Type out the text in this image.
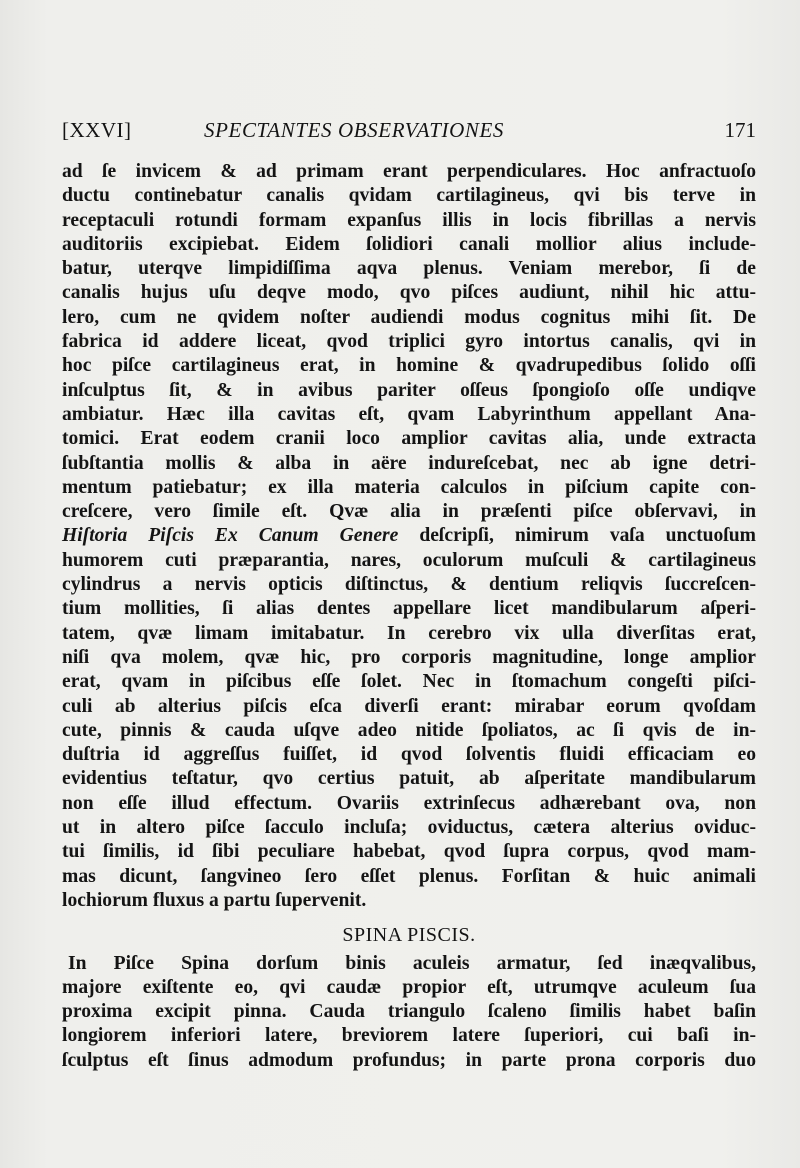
[XXVI]	SPECTANTES OBSERVATIONES	171
ad ſe invicem & ad primam erant perpendiculares. Hoc anfractuoſo
ductu continebatur canalis qvidam cartilagineus, qvi bis terve in
receptaculi rotundi formam expanſus illis in locis fibrillas a nervis
auditoriis excipiebat. Eidem ſolidiori canali mollior alius include-
batur, uterqve limpidiſſima aqva plenus. Veniam merebor, ſi de
canalis hujus uſu deqve modo, qvo piſces audiunt, nihil hic attu-
lero, cum ne qvidem noſter audiendi modus cognitus mihi ſit. De
fabrica id addere liceat, qvod triplici gyro intortus canalis, qvi in
hoc piſce cartilagineus erat, in homine & qvadrupedibus ſolido oſſi
inſculptus ſit, & in avibus pariter oſſeus ſpongioſo oſſe undiqve
ambiatur. Hæc illa cavitas eſt, qvam Labyrinthum appellant Ana-
tomici. Erat eodem cranii loco amplior cavitas alia, unde extracta
ſubſtantia mollis & alba in aëre indureſcebat, nec ab igne detri-
mentum patiebatur; ex illa materia calculos in piſcium capite con-
creſcere, vero ſimile eſt. Qvæ alia in præſenti piſce obſervavi, in
Hiſtoria Piſcis Ex Canum Genere deſcripſi, nimirum vaſa unctuoſum
humorem cuti præparantia, nares, oculorum muſculi & cartilagineus
cylindrus a nervis opticis diſtinctus, & dentium reliqvis ſuccreſcen-
tium mollities, ſi alias dentes appellare licet mandibularum aſperi-
tatem, qvæ limam imitabatur. In cerebro vix ulla diverſitas erat,
niſi qva molem, qvæ hic, pro corporis magnitudine, longe amplior
erat, qvam in piſcibus eſſe ſolet. Nec in ſtomachum congeſti piſci-
culi ab alterius piſcis eſca diverſi erant: mirabar eorum qvoſdam
cute, pinnis & cauda uſqve adeo nitide ſpoliatos, ac ſi qvis de in-
duſtria id aggreſſus fuiſſet, id qvod ſolventis fluidi efficaciam eo
evidentius teſtatur, qvo certius patuit, ab aſperitate mandibularum
non eſſe illud effectum. Ovariis extrinſecus adhærebant ova, non
ut in altero piſce ſacculo incluſa; oviductus, cætera alterius oviduc-
tui ſimilis, id ſibi peculiare habebat, qvod ſupra corpus, qvod mam-
mas dicunt, ſangvineo ſero eſſet plenus. Forſitan & huic animali
lochiorum fluxus a partu ſupervenit.
SPINA PISCIS.
In Piſce Spina dorſum binis aculeis armatur, ſed inæqvalibus,
majore exiſtente eo, qvi caudæ propior eſt, utrumqve aculeum ſua
proxima excipit pinna. Cauda triangulo ſcaleno ſimilis habet baſin
longiorem inferiori latere, breviorem latere ſuperiori, cui baſi in-
ſculptus eſt ſinus admodum profundus; in parte prona corporis duo
